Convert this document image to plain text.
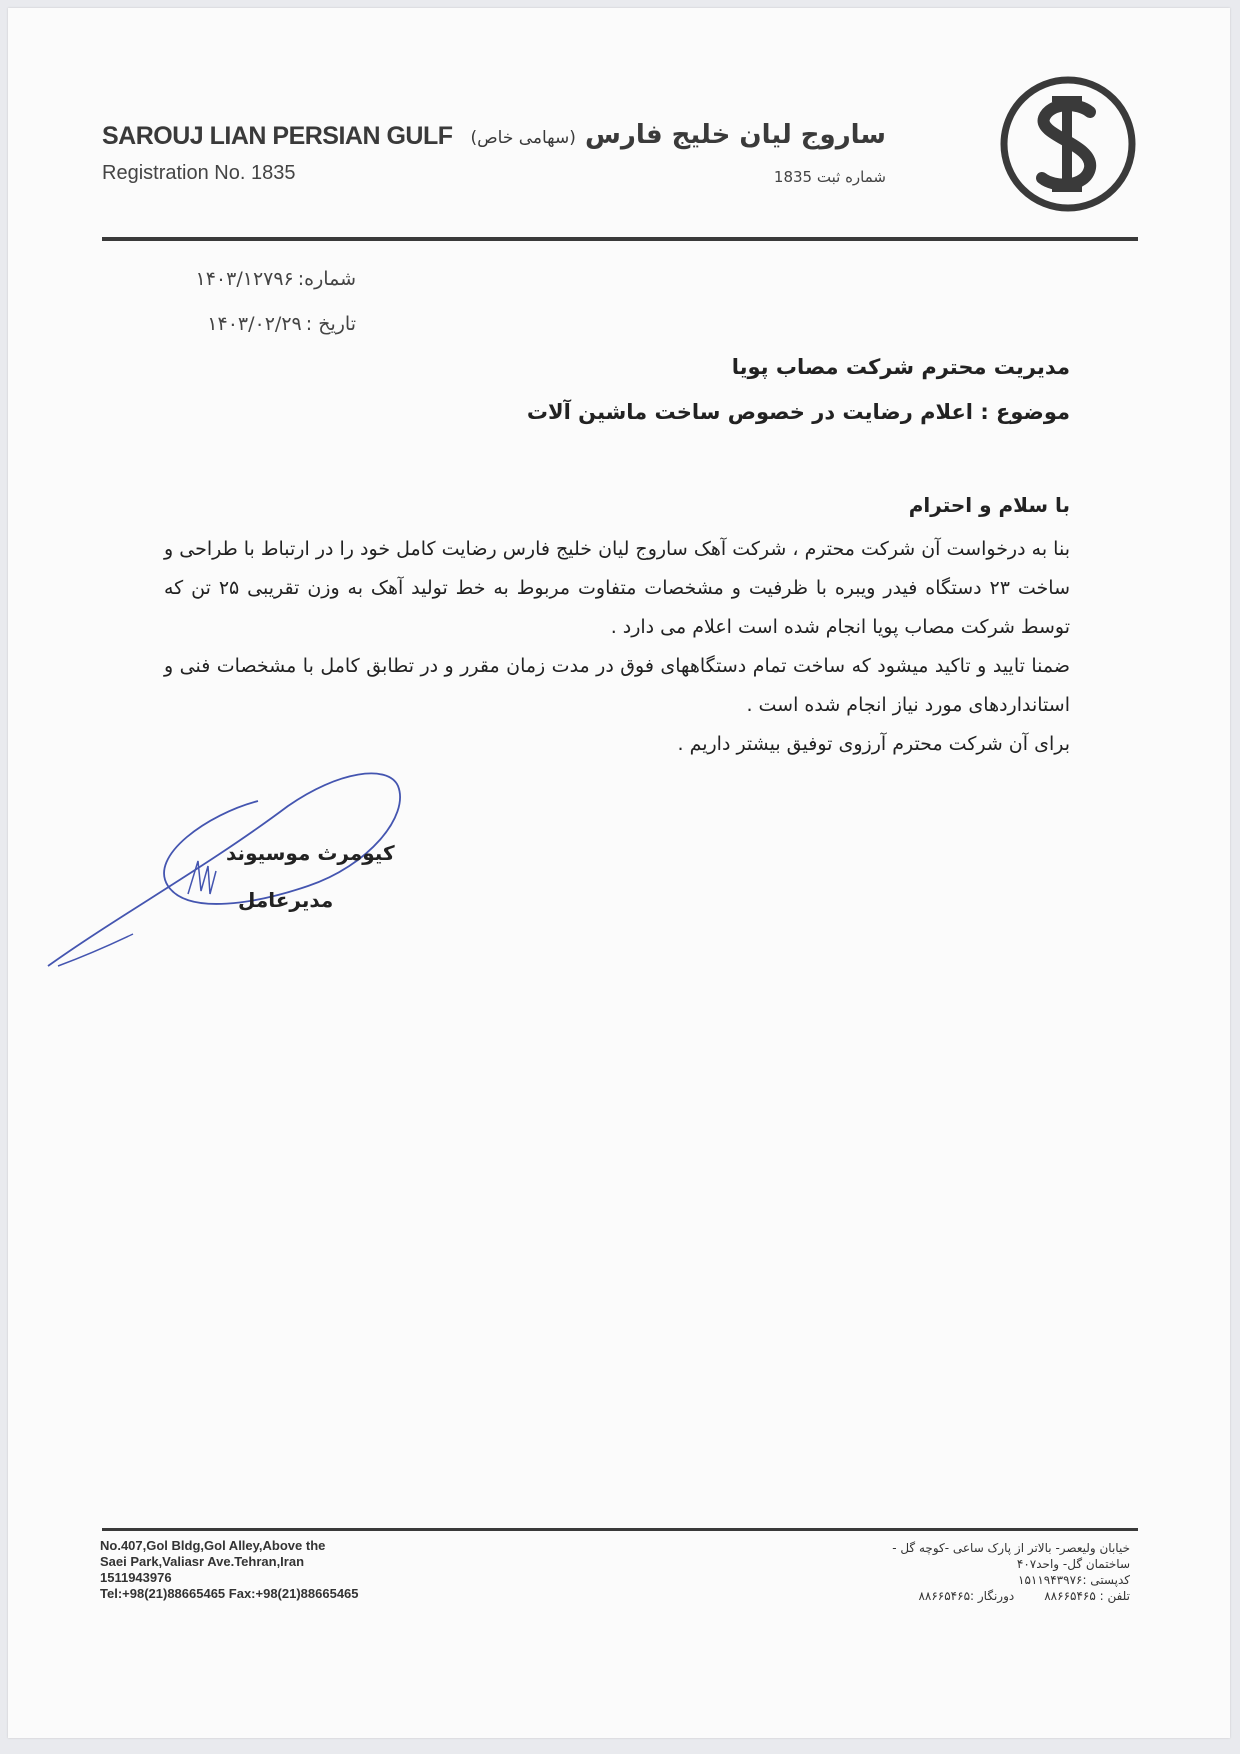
SAROUJ LIAN PERSIAN GULF
Registration No. 1835
ساروج لیان خلیج فارس (سهامی خاص)
شماره ثبت 1835
شماره:۱۴۰۳/۱۲۷۹۶
تاریخ :۱۴۰۳/۰۲/۲۹
مدیریت محترم شرکت مصاب پویا
موضوع : اعلام رضایت در خصوص ساخت ماشین آلات
با سلام و احترام

بنا به درخواست آن شرکت محترم ، شرکت آهک ساروج لیان خلیج فارس رضایت کامل خود را در ارتباط با طراحی و ساخت ۲۳ دستگاه فیدر ویبره با ظرفیت و مشخصات متفاوت مربوط به خط تولید آهک به وزن تقریبی ۲۵ تن که توسط شرکت مصاب پویا انجام شده است اعلام می دارد .

ضمنا تایید و تاکید میشود که ساخت تمام دستگاههای فوق در مدت زمان مقرر و در تطابق کامل با مشخصات فنی و استانداردهای مورد نیاز انجام شده است .

برای آن شرکت محترم آرزوی توفیق بیشتر داریم .

کیومرث موسیوند
مدیرعامل
No.407,Gol Bldg,Gol Alley,Above the
Saei Park,Valiasr Ave.Tehran,Iran
1511943976
Tel:+98(21)88665465 Fax:+98(21)88665465
خیابان ولیعصر- بالاتر از پارک ساعی -کوچه گل -
ساختمان گل- واحد۴۰۷
کدپستی :۱۵۱۱۹۴۳۹۷۶
تلفن : ۸۸۶۶۵۴۶۵دورنگار :۸۸۶۶۵۴۶۵
